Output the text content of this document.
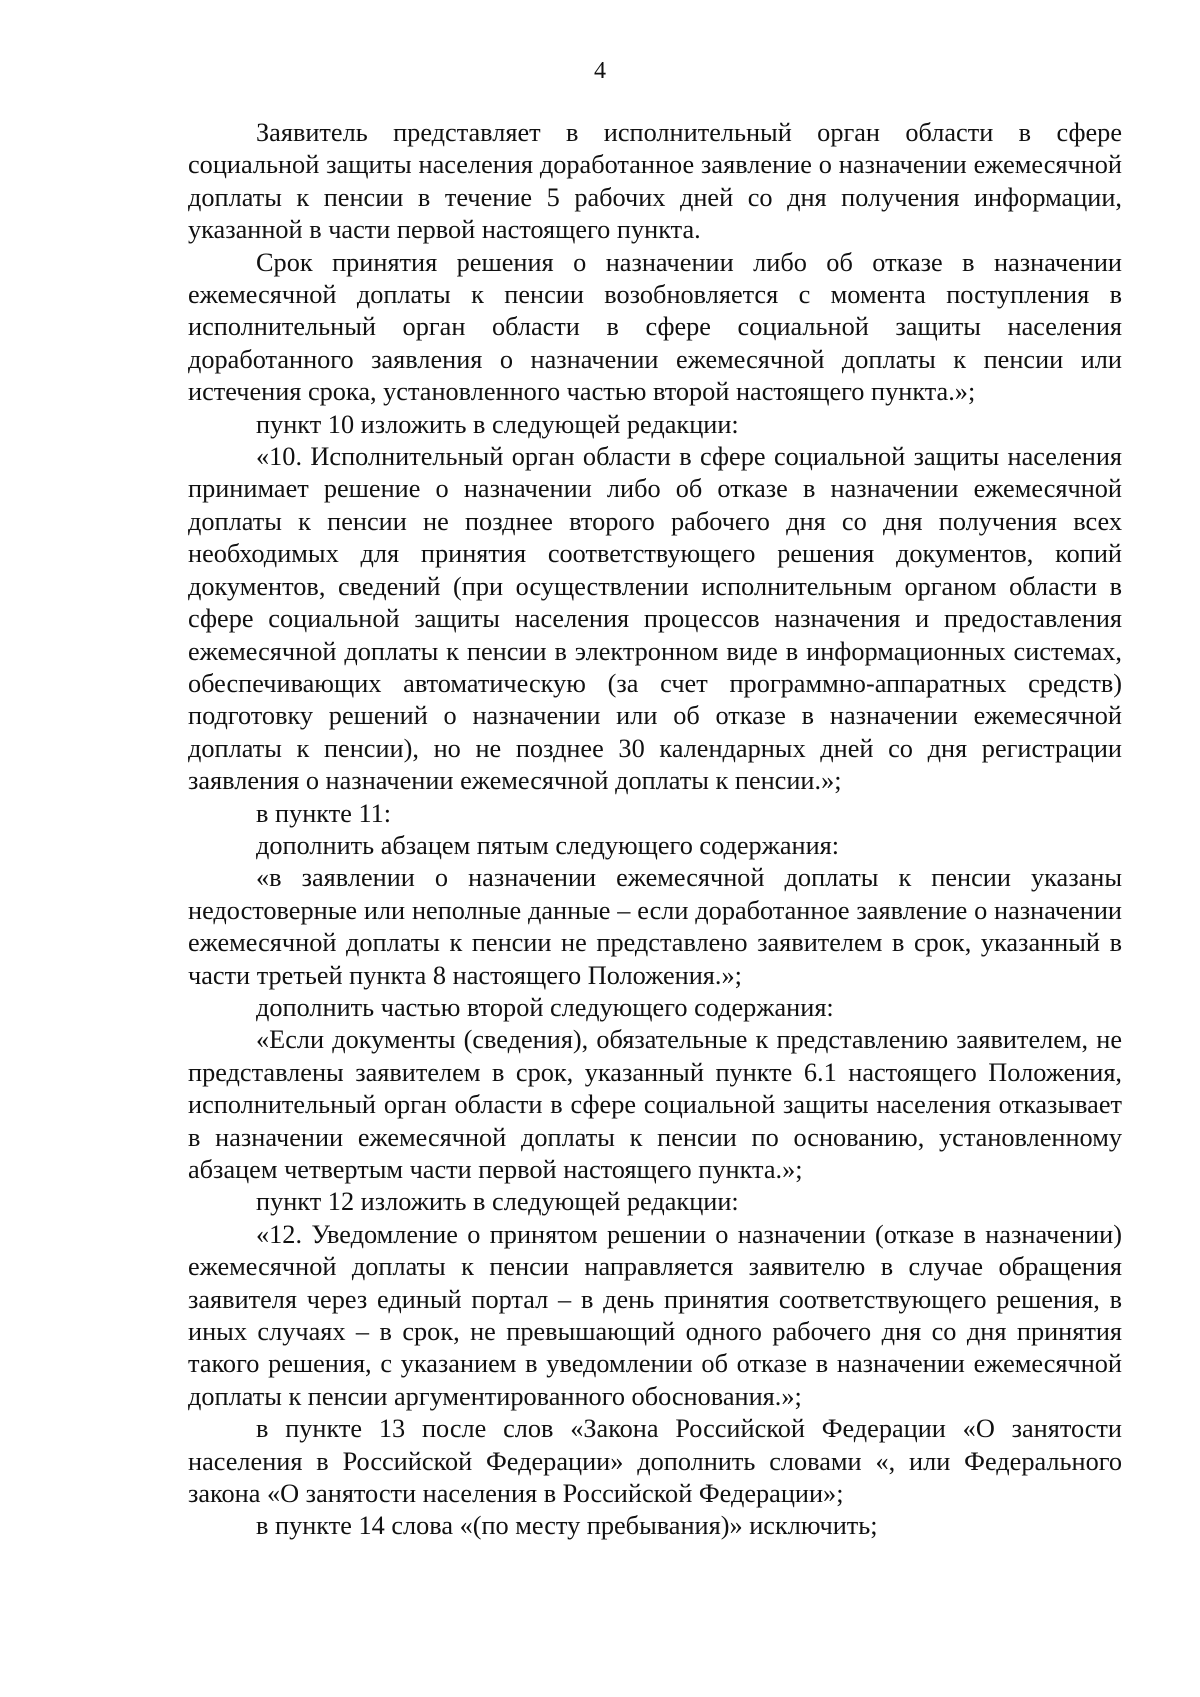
4

Заявитель представляет в исполнительный орган области в сфере социальной защиты населения доработанное заявление о назначении ежемесячной доплаты к пенсии в течение 5 рабочих дней со дня получения информации, указанной в части первой настоящего пункта.

Срок принятия решения о назначении либо об отказе в назначении ежемесячной доплаты к пенсии возобновляется с момента поступления в исполнительный орган области в сфере социальной защиты населения доработанного заявления о назначении ежемесячной доплаты к пенсии или истечения срока, установленного частью второй настоящего пункта.»;

пункт 10 изложить в следующей редакции:

«10. Исполнительный орган области в сфере социальной защиты населения принимает решение о назначении либо об отказе в назначении ежемесячной доплаты к пенсии не позднее второго рабочего дня со дня получения всех необходимых для принятия соответствующего решения документов, копий документов, сведений (при осуществлении исполнительным органом области в сфере социальной защиты населения процессов назначения и предоставления ежемесячной доплаты к пенсии в электронном виде в информационных системах, обеспечивающих автоматическую (за счет программно-аппаратных средств) подготовку решений о назначении или об отказе в назначении ежемесячной доплаты к пенсии), но не позднее 30 календарных дней со дня регистрации заявления о назначении ежемесячной доплаты к пенсии.»;

в пункте 11:

дополнить абзацем пятым следующего содержания:

«в заявлении о назначении ежемесячной доплаты к пенсии указаны недостоверные или неполные данные – если доработанное заявление о назначении ежемесячной доплаты к пенсии не представлено заявителем в срок, указанный в части третьей пункта 8 настоящего Положения.»;

дополнить частью второй следующего содержания:

«Если документы (сведения), обязательные к представлению заявителем, не представлены заявителем в срок, указанный пункте 6.1 настоящего Положения, исполнительный орган области в сфере социальной защиты населения отказывает в назначении ежемесячной доплаты к пенсии по основанию, установленному абзацем четвертым части первой настоящего пункта.»;

пункт 12 изложить в следующей редакции:

«12. Уведомление о принятом решении о назначении (отказе в назначении) ежемесячной доплаты к пенсии направляется заявителю в случае обращения заявителя через единый портал – в день принятия соответствующего решения, в иных случаях – в срок, не превышающий одного рабочего дня со дня принятия такого решения, с указанием в уведомлении об отказе в назначении ежемесячной доплаты к пенсии аргументированного обоснования.»;

в пункте 13 после слов «Закона Российской Федерации «О занятости населения в Российской Федерации» дополнить словами «, или Федерального закона «О занятости населения в Российской Федерации»;

в пункте 14 слова «(по месту пребывания)» исключить;
